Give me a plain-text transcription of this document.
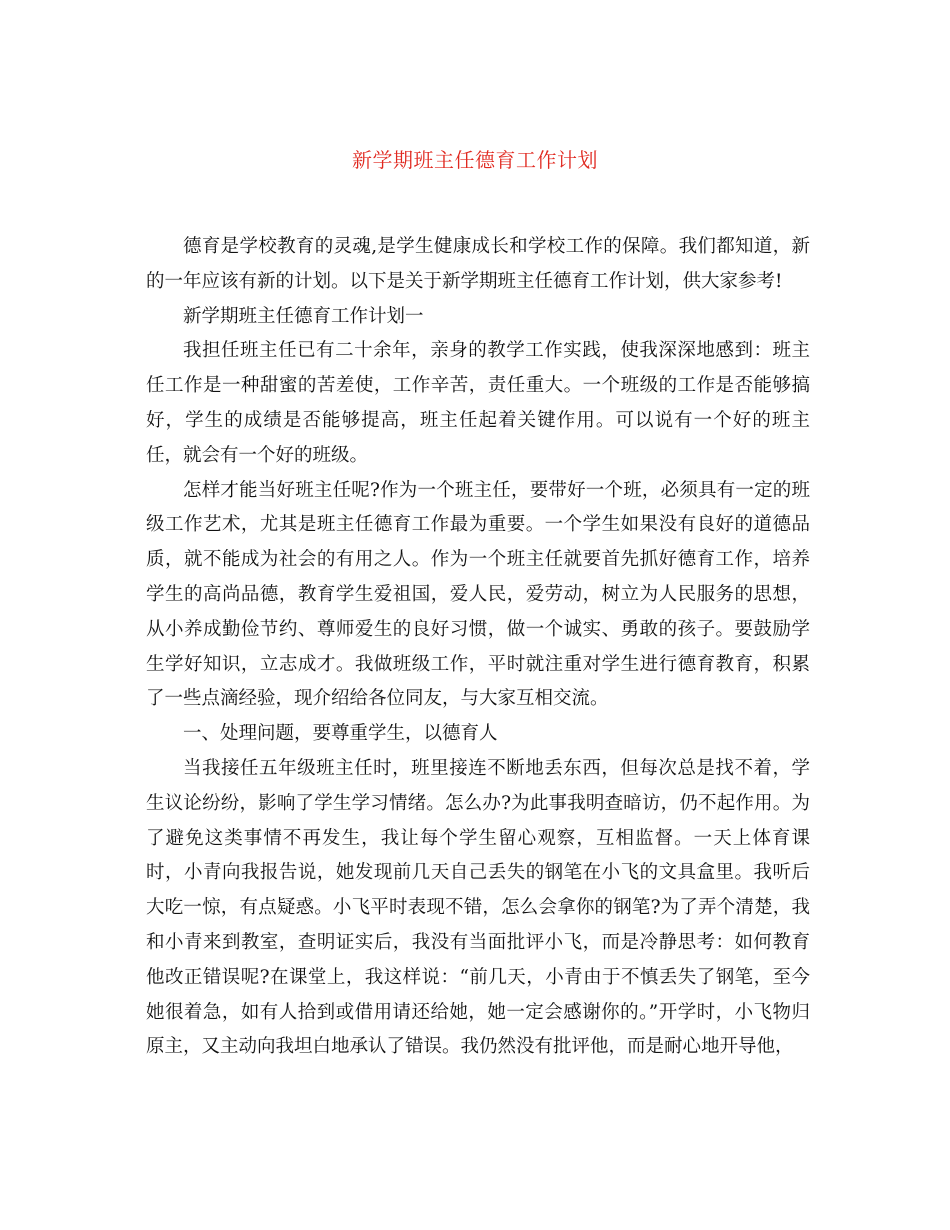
新学期班主任德育工作计划

德育是学校教育的灵魂,是学生健康成长和学校工作的保障。我们都知道，新的一年应该有新的计划。以下是关于新学期班主任德育工作计划，供大家参考!

新学期班主任德育工作计划一

我担任班主任已有二十余年，亲身的教学工作实践，使我深深地感到：班主任工作是一种甜蜜的苦差使，工作辛苦，责任重大。一个班级的工作是否能够搞好，学生的成绩是否能够提高，班主任起着关键作用。可以说有一个好的班主任，就会有一个好的班级。

怎样才能当好班主任呢?作为一个班主任，要带好一个班，必须具有一定的班级工作艺术，尤其是班主任德育工作最为重要。一个学生如果没有良好的道德品质，就不能成为社会的有用之人。作为一个班主任就要首先抓好德育工作，培养学生的高尚品德，教育学生爱祖国，爱人民，爱劳动，树立为人民服务的思想，从小养成勤俭节约、尊师爱生的良好习惯，做一个诚实、勇敢的孩子。要鼓励学生学好知识，立志成才。我做班级工作，平时就注重对学生进行德育教育，积累了一些点滴经验，现介绍给各位同友，与大家互相交流。

一、处理问题，要尊重学生，以德育人

当我接任五年级班主任时，班里接连不断地丢东西，但每次总是找不着，学生议论纷纷，影响了学生学习情绪。怎么办?为此事我明查暗访，仍不起作用。为了避免这类事情不再发生，我让每个学生留心观察，互相监督。一天上体育课时，小青向我报告说，她发现前几天自己丢失的钢笔在小飞的文具盒里。我听后大吃一惊，有点疑惑。小飞平时表现不错，怎么会拿你的钢笔?为了弄个清楚，我和小青来到教室，查明证实后，我没有当面批评小飞，而是冷静思考：如何教育他改正错误呢?在课堂上，我这样说：“前几天，小青由于不慎丢失了钢笔，至今她很着急，如有人拾到或借用请还给她，她一定会感谢你的。”开学时，小飞物归原主，又主动向我坦白地承认了错误。我仍然没有批评他，而是耐心地开导他，
